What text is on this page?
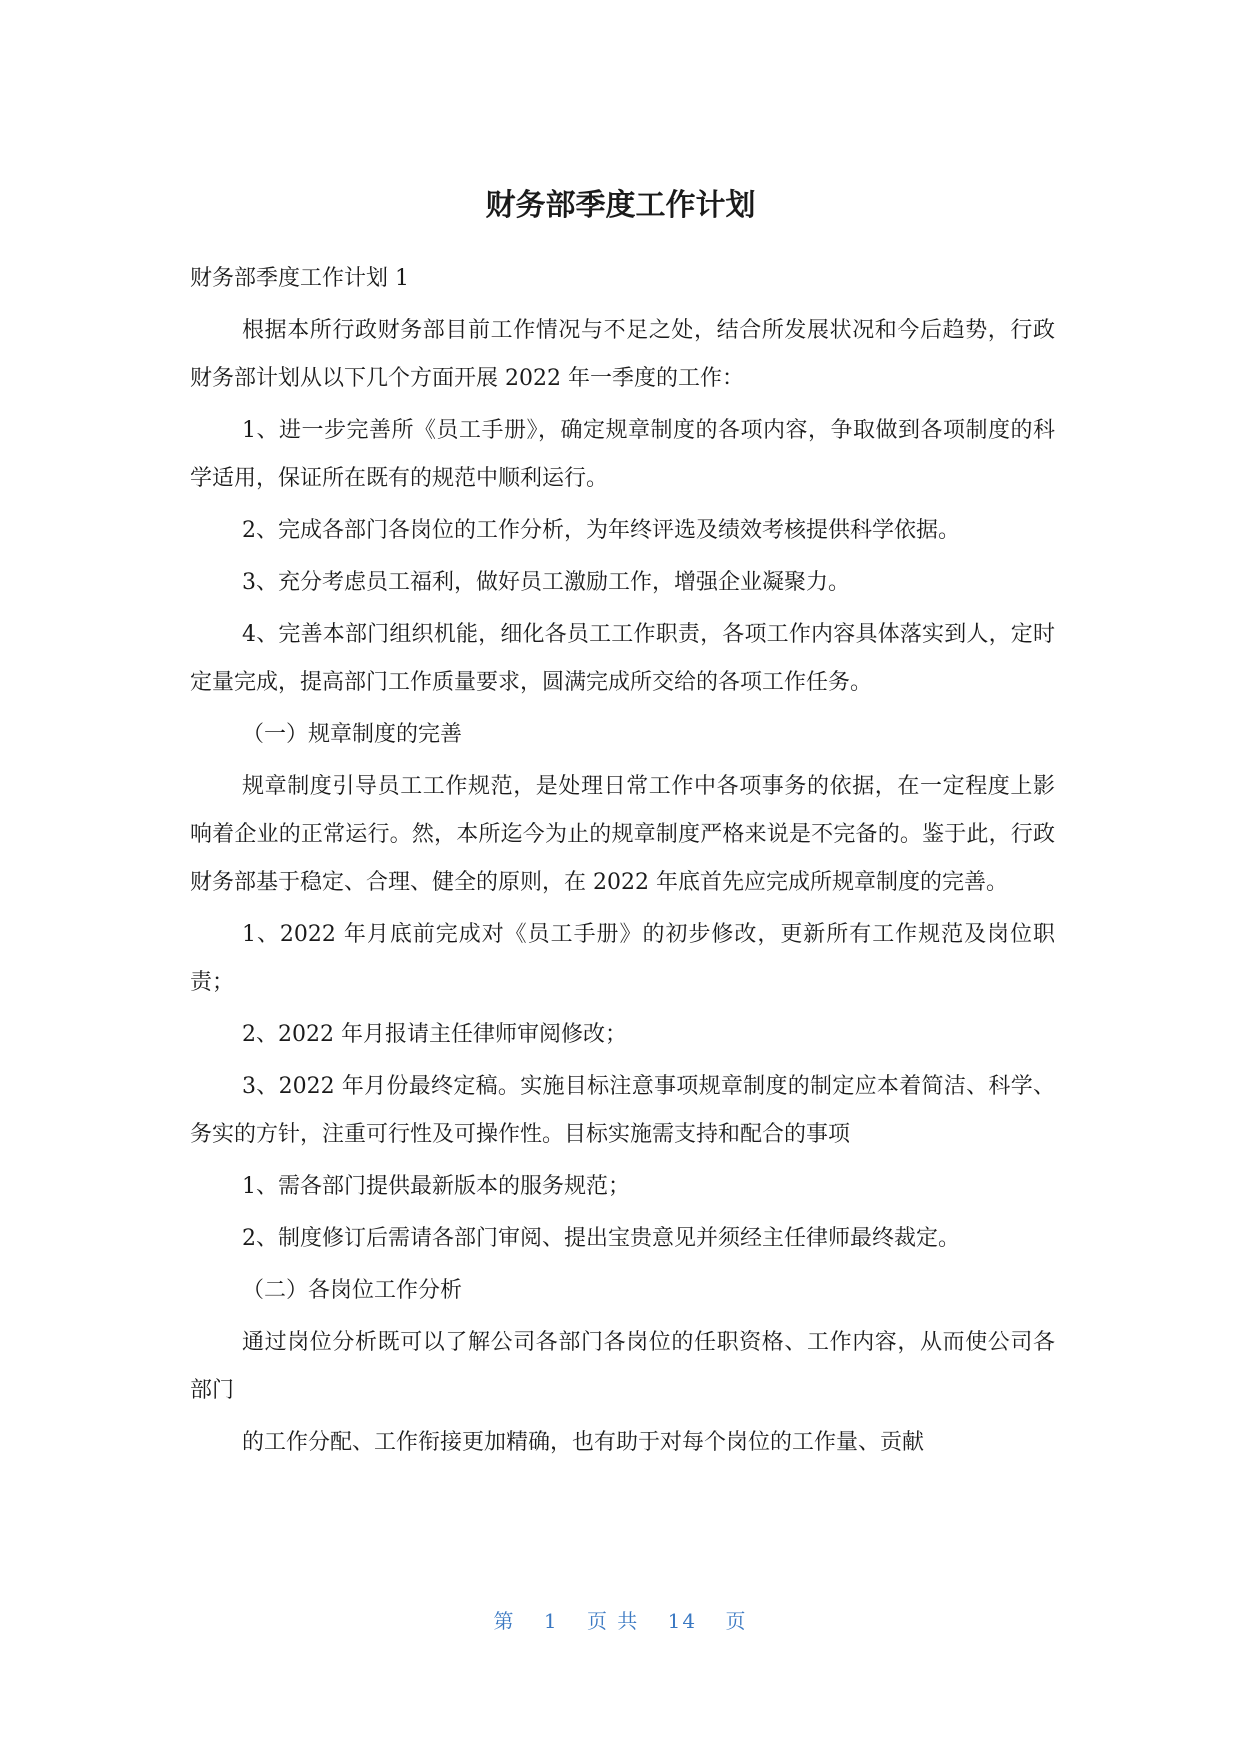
财务部季度工作计划

财务部季度工作计划 1

根据本所行政财务部目前工作情况与不足之处，结合所发展状况和今后趋势，行政财务部计划从以下几个方面开展 2022 年一季度的工作：

1、进一步完善所《员工手册》，确定规章制度的各项内容，争取做到各项制度的科学适用，保证所在既有的规范中顺利运行。

2、完成各部门各岗位的工作分析，为年终评选及绩效考核提供科学依据。

3、充分考虑员工福利，做好员工激励工作，增强企业凝聚力。

4、完善本部门组织机能，细化各员工工作职责，各项工作内容具体落实到人，定时定量完成，提高部门工作质量要求，圆满完成所交给的各项工作任务。

（一）规章制度的完善

规章制度引导员工工作规范，是处理日常工作中各项事务的依据，在一定程度上影响着企业的正常运行。然，本所迄今为止的规章制度严格来说是不完备的。鉴于此，行政财务部基于稳定、合理、健全的原则，在 2022 年底首先应完成所规章制度的完善。

1、2022 年月底前完成对《员工手册》的初步修改，更新所有工作规范及岗位职责；

2、2022 年月报请主任律师审阅修改；

3、2022 年月份最终定稿。实施目标注意事项规章制度的制定应本着简洁、科学、务实的方针，注重可行性及可操作性。目标实施需支持和配合的事项

1、需各部门提供最新版本的服务规范；

2、制度修订后需请各部门审阅、提出宝贵意见并须经主任律师最终裁定。

（二）各岗位工作分析

通过岗位分析既可以了解公司各部门各岗位的任职资格、工作内容，从而使公司各部门

的工作分配、工作衔接更加精确，也有助于对每个岗位的工作量、贡献

第 1 页 共 14 页
